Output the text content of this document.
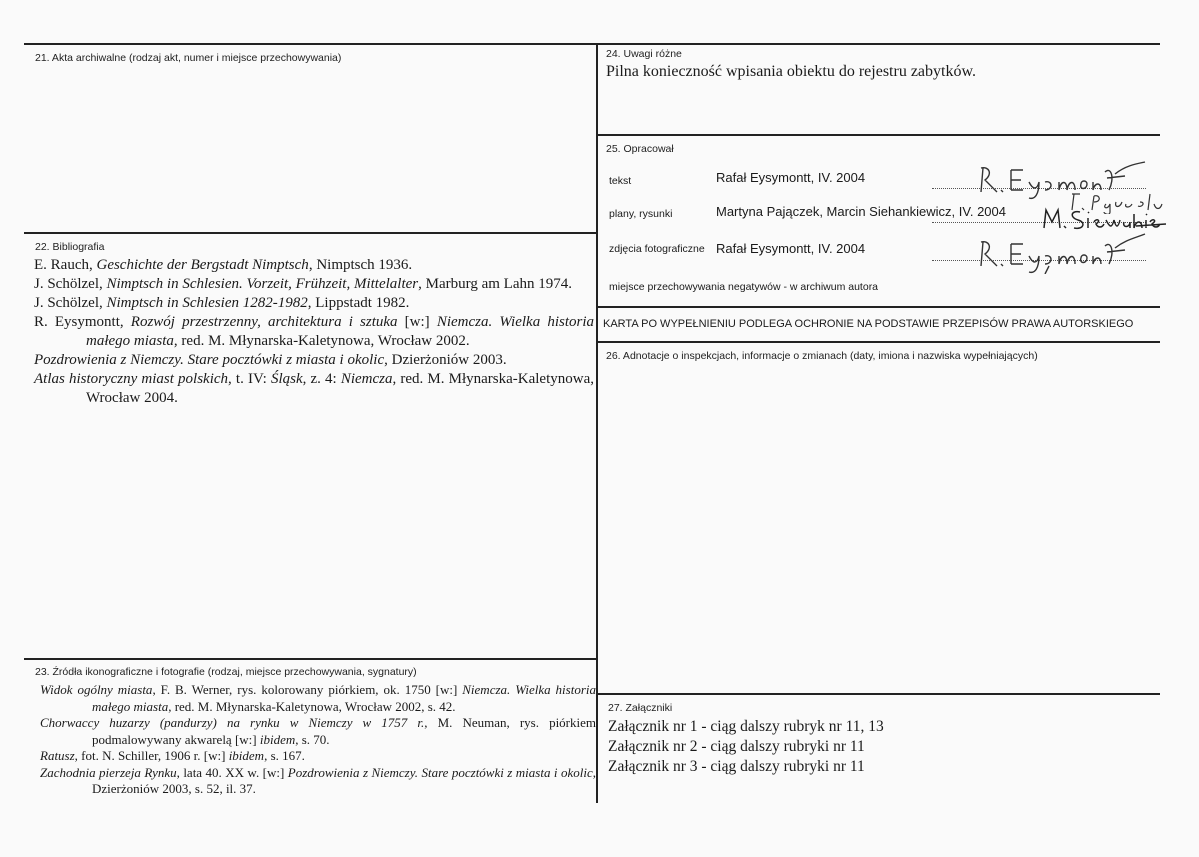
21. Akta archiwalne (rodzaj akt, numer i miejsce przechowywania)
22. Bibliografia

E. Rauch, Geschichte der Bergstadt Nimptsch, Nimptsch 1936.

J. Schölzel, Nimptsch in Schlesien. Vorzeit, Frühzeit, Mittelalter, Marburg am Lahn 1974.

J. Schölzel, Nimptsch in Schlesien 1282-1982, Lippstadt 1982.

R. Eysymontt, Rozwój przestrzenny, architektura i sztuka [w:] Niemcza. Wielka historia małego miasta, red. M. Młynarska-Kaletynowa, Wrocław 2002.

Pozdrowienia z Niemczy. Stare pocztówki z miasta i okolic, Dzierżoniów 2003.

Atlas historyczny miast polskich, t. IV: Śląsk, z. 4: Niemcza, red. M. Młynarska-Kaletynowa, Wrocław 2004.

23. Źródła ikonograficzne i fotografie (rodzaj, miejsce przechowywania, sygnatury)

Widok ogólny miasta, F. B. Werner, rys. kolorowany piórkiem, ok. 1750 [w:] Niemcza. Wielka historia małego miasta, red. M. Młynarska-Kaletynowa, Wrocław 2002, s. 42.

Chorwaccy huzarzy (pandurzy) na rynku w Niemczy w 1757 r., M. Neuman, rys. piórkiem podmalowywany akwarelą [w:] ibidem, s. 70.

Ratusz, fot. N. Schiller, 1906 r. [w:] ibidem, s. 167.

Zachodnia pierzeja Rynku, lata 40. XX w. [w:] Pozdrowienia z Niemczy. Stare pocztówki z miasta i okolic, Dzierżoniów 2003, s. 52, il. 37.

24. Uwagi różne
Pilna konieczność wpisania obiektu do rejestru zabytków.
25. Opracował
tekst	Rafał Eysymontt, IV. 2004
plany, rysunki	Martyna Pajączek, Marcin Siehankiewicz, IV. 2004
zdjęcia fotograficzne Rafał Eysymontt, IV. 2004
miejsce przechowywania negatywów - w archiwum autora
KARTA PO WYPEŁNIENIU PODLEGA OCHRONIE NA PODSTAWIE PRZEPISÓW PRAWA AUTORSKIEGO
26. Adnotacje o inspekcjach, informacje o zmianach (daty, imiona i nazwiska wypełniających)
27. Załączniki
Załącznik nr 1 - ciąg dalszy rubryk nr 11, 13
Załącznik nr 2 - ciąg dalszy rubryki nr 11
Załącznik nr 3 - ciąg dalszy rubryki nr 11
